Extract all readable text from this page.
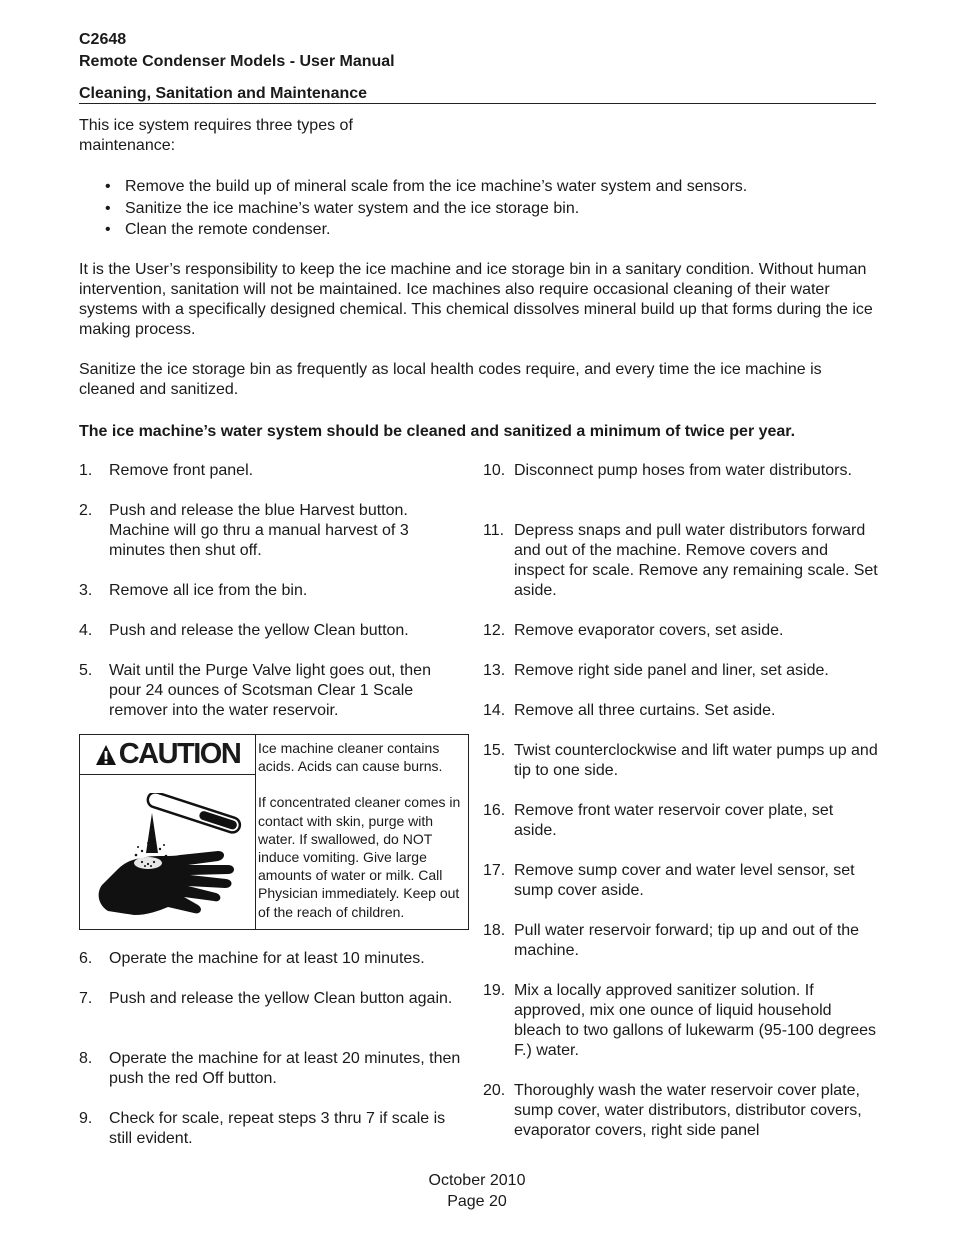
C2648
Remote Condenser Models - User Manual
Cleaning, Sanitation and Maintenance
This ice system requires three types of maintenance:
• Remove the build up of mineral scale from the ice machine’s water system and sensors.
• Sanitize the ice machine’s water system and the ice storage bin.
• Clean the remote condenser.
It is the User’s responsibility to keep the ice machine and ice storage bin in a sanitary condition. Without human intervention, sanitation will not be maintained. Ice machines also require occasional cleaning of their water systems with a specifically designed chemical. This chemical dissolves mineral build up that forms during the ice making process.
Sanitize the ice storage bin as frequently as local health codes require, and every time the ice machine is cleaned and sanitized.
The ice machine’s water system should be cleaned and sanitized a minimum of twice per year.
1. Remove front panel.
2. Push and release the blue Harvest button. Machine will go thru a manual harvest of 3 minutes then shut off.
3. Remove all ice from the bin.
4. Push and release the yellow Clean button.
5. Wait until the Purge Valve light goes out, then pour 24 ounces of Scotsman Clear 1 Scale remover into the water reservoir.
CAUTION Ice machine cleaner contains acids. Acids can cause burns.
If concentrated cleaner comes in contact with skin, purge with water. If swallowed, do NOT induce vomiting. Give large amounts of water or milk. Call Physician immediately. Keep out of the reach of children.
6. Operate the machine for at least 10 minutes.
7. Push and release the yellow Clean button again.
8. Operate the machine for at least 20 minutes, then push the red Off button.
9. Check for scale, repeat steps 3 thru 7 if scale is still evident.
10. Disconnect pump hoses from water distributors.
11. Depress snaps and pull water distributors forward and out of the machine. Remove covers and inspect for scale. Remove any remaining scale. Set aside.
12. Remove evaporator covers, set aside.
13. Remove right side panel and liner, set aside.
14. Remove all three curtains. Set aside.
15. Twist counterclockwise and lift water pumps up and tip to one side.
16. Remove front water reservoir cover plate, set aside.
17. Remove sump cover and water level sensor, set sump cover aside.
18. Pull water reservoir forward; tip up and out of the machine.
19. Mix a locally approved sanitizer solution. If approved, mix one ounce of liquid household bleach to two gallons of lukewarm (95-100 degrees F.) water.
20. Thoroughly wash the water reservoir cover plate, sump cover, water distributors, distributor covers, evaporator covers, right side panel
October 2010
Page 20
